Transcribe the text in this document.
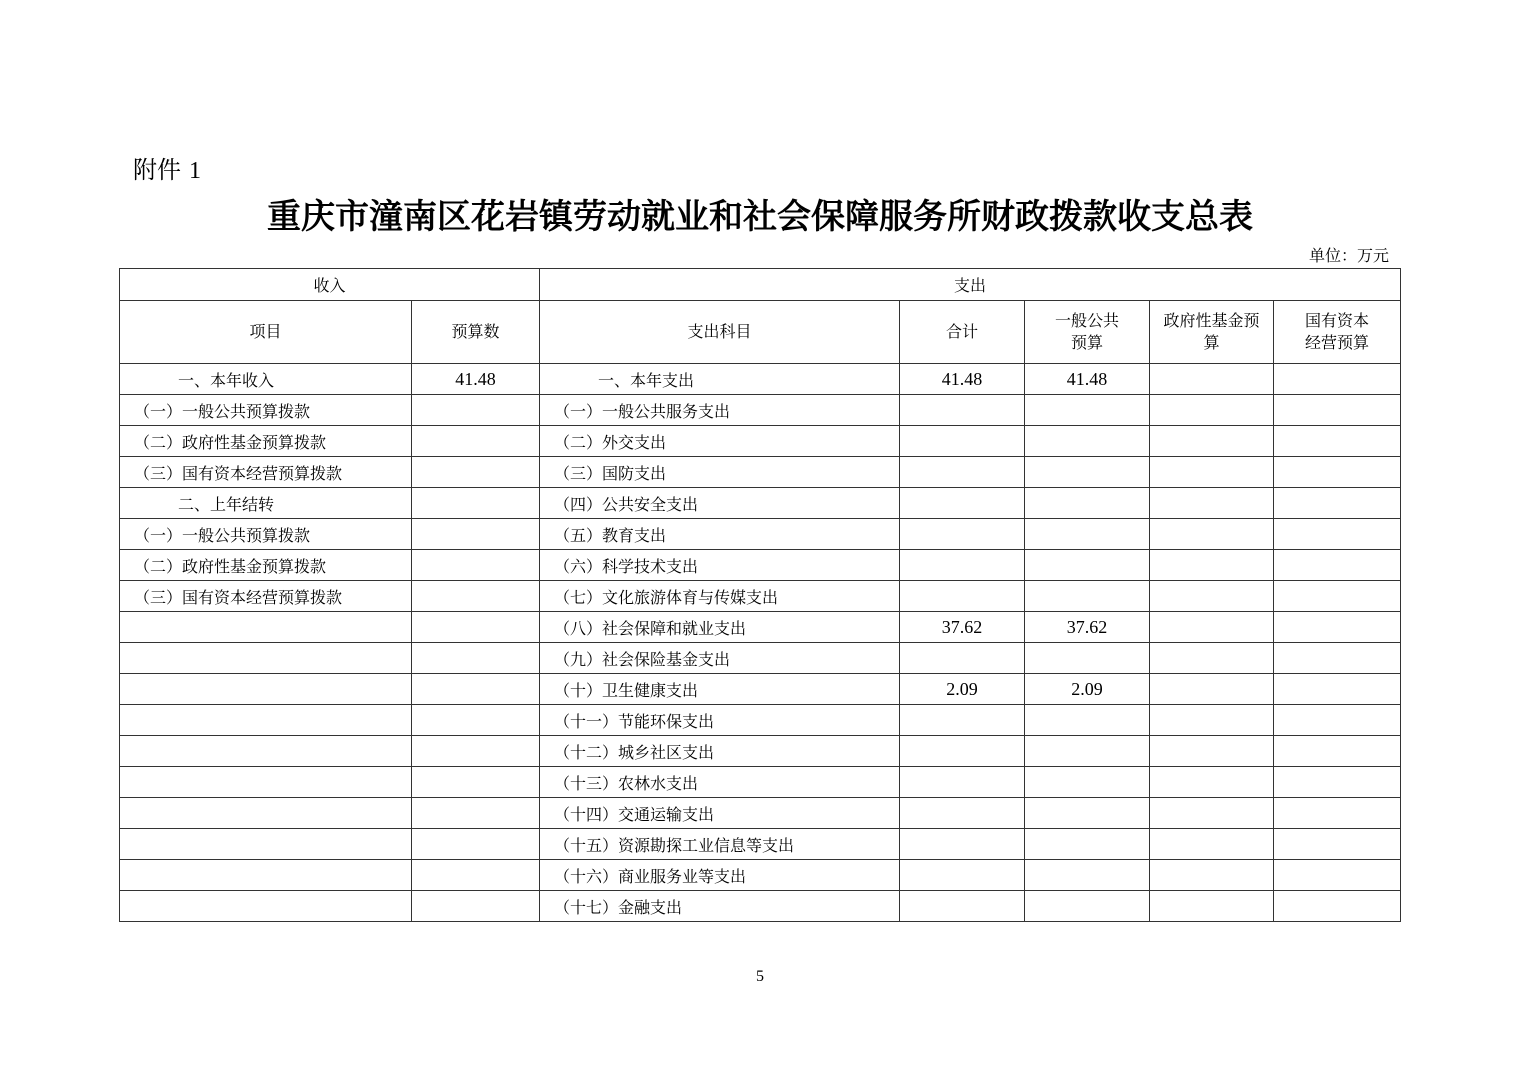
附件 1
重庆市潼南区花岩镇劳动就业和社会保障服务所财政拨款收支总表
单位：万元
收入		支出				
项目	预算数	支出科目	合计	一般公共预算	政府性基金预算	国有资本经营预算

一、本年收入	41.48	一、本年支出	41.48	41.48		
（一）一般公共预算拨款		（一）一般公共服务支出				
（二）政府性基金预算拨款		（二）外交支出				
（三）国有资本经营预算拨款		（三）国防支出				
二、上年结转		（四）公共安全支出				
（一）一般公共预算拨款		（五）教育支出				
（二）政府性基金预算拨款		（六）科学技术支出				
（三）国有资本经营预算拨款		（七）文化旅游体育与传媒支出				
		（八）社会保障和就业支出	37.62	37.62		
		（九）社会保险基金支出				
		（十）卫生健康支出	2.09	2.09		
		（十一）节能环保支出				
		（十二）城乡社区支出				
		（十三）农林水支出				
		（十四）交通运输支出				
		（十五）资源勘探工业信息等支出				
		（十六）商业服务业等支出				
		（十七）金融支出				
5
